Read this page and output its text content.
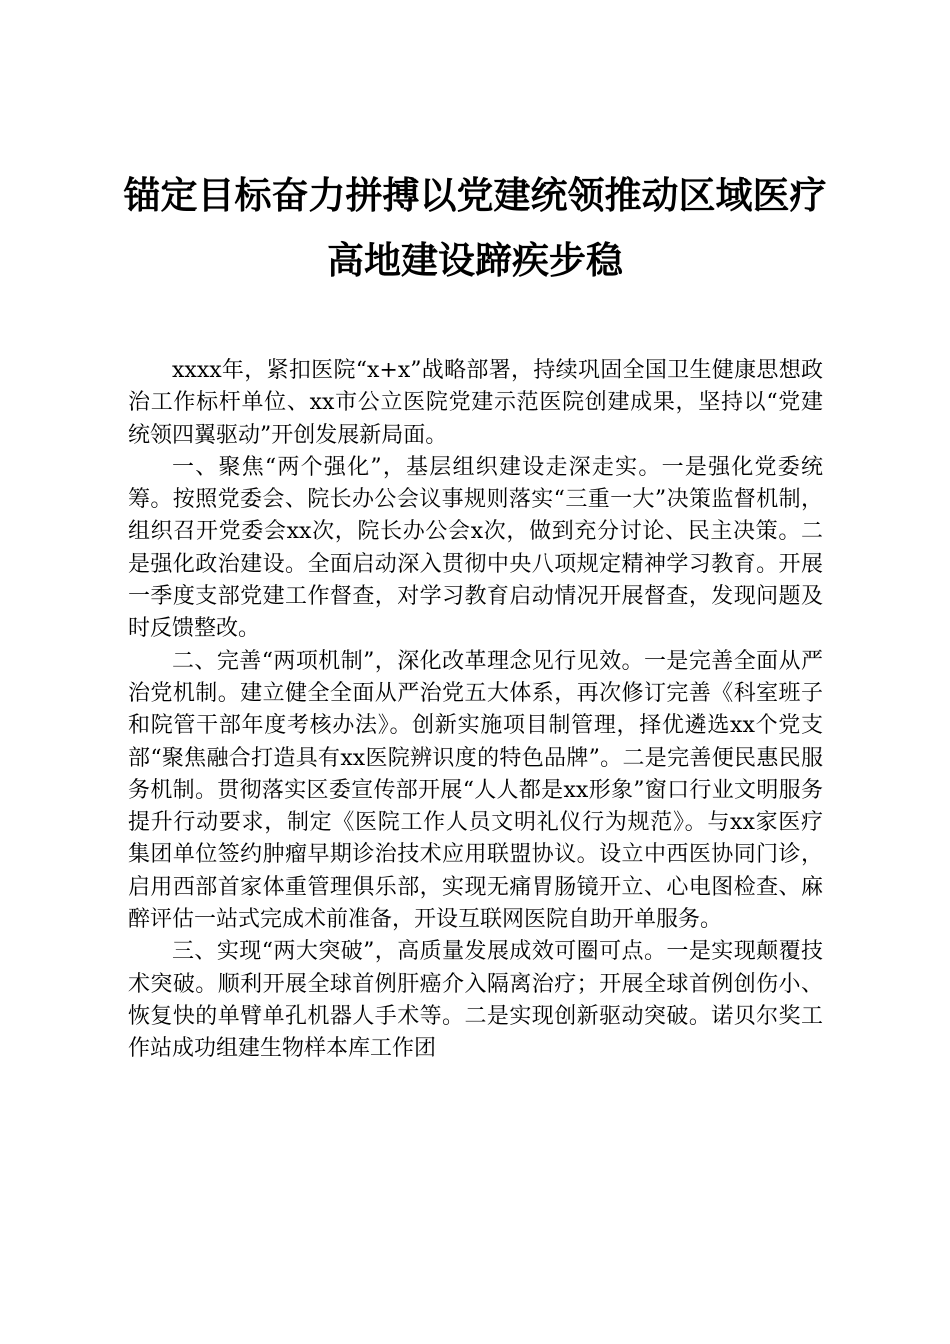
锚定目标奋力拼搏以党建统领推动区域医疗高地建设蹄疾步稳

xxxx年，紧扣医院“x+x”战略部署，持续巩固全国卫生健康思想政治工作标杆单位、xx市公立医院党建示范医院创建成果，坚持以“党建统领四翼驱动”开创发展新局面。

一、聚焦“两个强化”，基层组织建设走深走实。一是强化党委统筹。按照党委会、院长办公会议事规则落实“三重一大”决策监督机制，组织召开党委会xx次，院长办公会x次，做到充分讨论、民主决策。二是强化政治建设。全面启动深入贯彻中央八项规定精神学习教育。开展一季度支部党建工作督查，对学习教育启动情况开展督查，发现问题及时反馈整改。

二、完善“两项机制”，深化改革理念见行见效。一是完善全面从严治党机制。建立健全全面从严治党五大体系，再次修订完善《科室班子和院管干部年度考核办法》。创新实施项目制管理，择优遴选xx个党支部“聚焦融合打造具有xx医院辨识度的特色品牌”。二是完善便民惠民服务机制。贯彻落实区委宣传部开展“人人都是xx形象”窗口行业文明服务提升行动要求，制定《医院工作人员文明礼仪行为规范》。与xx家医疗集团单位签约肿瘤早期诊治技术应用联盟协议。设立中西医协同门诊，启用西部首家体重管理俱乐部，实现无痛胃肠镜开立、心电图检查、麻醉评估一站式完成术前准备，开设互联网医院自助开单服务。

三、实现“两大突破”，高质量发展成效可圈可点。一是实现颠覆技术突破。顺利开展全球首例肝癌介入隔离治疗；开展全球首例创伤小、恢复快的单臂单孔机器人手术等。二是实现创新驱动突破。诺贝尔奖工作站成功组建生物样本库工作团
